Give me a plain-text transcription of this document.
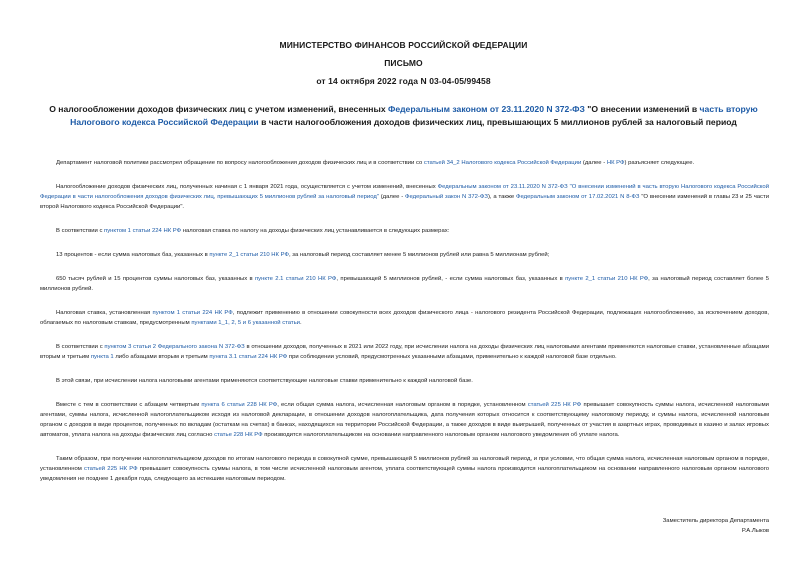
МИНИСТЕРСТВО ФИНАНСОВ РОССИЙСКОЙ ФЕДЕРАЦИИ
ПИСЬМО
от 14 октября 2022 года N 03-04-05/99458
О налогообложении доходов физических лиц с учетом изменений, внесенных Федеральным законом от 23.11.2020 N 372-ФЗ "О внесении изменений в часть вторую Налогового кодекса Российской Федерации в части налогообложения доходов физических лиц, превышающих 5 миллионов рублей за налоговый период

Департамент налоговой политики рассмотрел обращение по вопросу налогообложения доходов физических лиц и в соответствии со статьей 34_2 Налогового кодекса Российской Федерации (далее - НК РФ) разъясняет следующее.

Налогообложение доходов физических лиц, полученных начиная с 1 января 2021 года, осуществляется с учетом изменений, внесенных Федеральным законом от 23.11.2020 N 372-ФЗ "О внесении изменений в часть вторую Налогового кодекса Российской Федерации в части налогообложения доходов физических лиц, превышающих 5 миллионов рублей за налоговый период" (далее - Федеральный закон N 372-ФЗ), а также Федеральным законом от 17.02.2021 N 8-ФЗ "О внесении изменений в главы 23 и 25 части второй Налогового кодекса Российской Федерации".

В соответствии с пунктом 1 статьи 224 НК РФ налоговая ставка по налогу на доходы физических лиц устанавливается в следующих размерах:

13 процентов - если сумма налоговых баз, указанных в пункте 2_1 статьи 210 НК РФ, за налоговый период составляет менее 5 миллионов рублей или равна 5 миллионам рублей;

650 тысяч рублей и 15 процентов суммы налоговых баз, указанных в пункте 2.1 статьи 210 НК РФ, превышающей 5 миллионов рублей, - если сумма налоговых баз, указанных в пункте 2_1 статьи 210 НК РФ, за налоговый период составляет более 5 миллионов рублей.

Налоговая ставка, установленная пунктом 1 статьи 224 НК РФ, подлежит применению в отношении совокупности всех доходов физического лица - налогового резидента Российской Федерации, подлежащих налогообложению, за исключением доходов, облагаемых по налоговым ставкам, предусмотренным пунктами 1_1, 2, 5 и 6 указанной статьи.

В соответствии с пунктом 3 статьи 2 Федерального закона N 372-ФЗ в отношении доходов, полученных в 2021 или 2022 году, при исчислении налога на доходы физических лиц налоговыми агентами применяются налоговые ставки, установленные абзацами вторым и третьим пункта 1 либо абзацами вторым и третьим пункта 3.1 статьи 224 НК РФ при соблюдении условий, предусмотренных указанными абзацами, применительно к каждой налоговой базе отдельно.

В этой связи, при исчислении налога налоговыми агентами применяются соответствующие налоговые ставки применительно к каждой налоговой базе.

Вместе с тем в соответствии с абзацем четвертым пункта 6 статьи 228 НК РФ, если общая сумма налога, исчисленная налоговым органом в порядке, установленном статьей 225 НК РФ превышает совокупность суммы налога, исчисленной налоговыми агентами, суммы налога, исчисленной налогоплательщиком исходя из налоговой декларации, в отношении доходов налогоплательщика, дата получения которых относится к соответствующему налоговому периоду, и суммы налога, исчисленной налоговым органом с доходов в виде процентов, полученных по вкладам (остаткам на счетах) в банках, находящихся на территории Российской Федерации, а также доходов в виде выигрышей, полученных от участия в азартных играх, проводимых в казино и залах игровых автоматов, уплата налога на доходы физических лиц согласно статье 228 НК РФ производится налогоплательщиком на основании направленного налоговым органом налогового уведомления об уплате налога.

Таким образом, при получении налогоплательщиком доходов по итогам налогового периода в совокупной сумме, превышающей 5 миллионов рублей за налоговый период, и при условии, что общая сумма налога, исчисленная налоговым органом в порядке, установленном статьей 225 НК РФ превышает совокупность суммы налога, в том числе исчисленной налоговым агентом, уплата соответствующей суммы налога производится налогоплательщиком на основании направленного налоговым органом налогового уведомления не позднее 1 декабря года, следующего за истекшим налоговым периодом.

Заместитель директора Департамента
Р.А.Лыков
